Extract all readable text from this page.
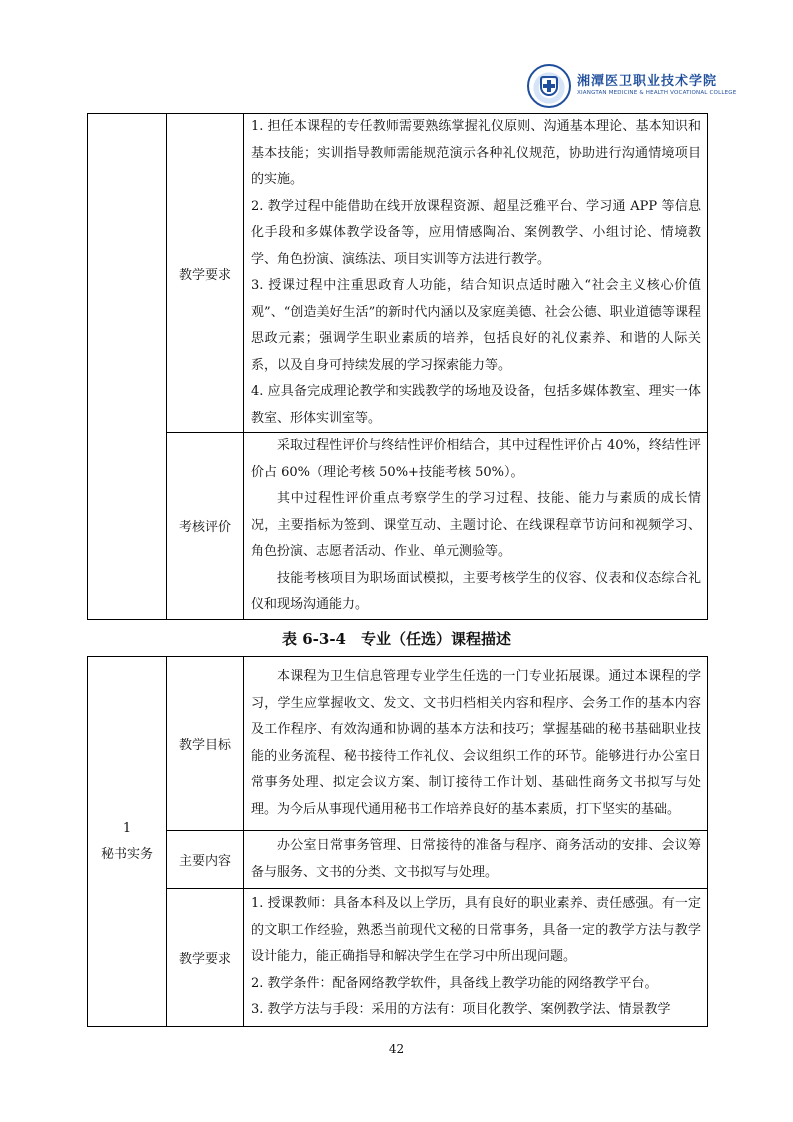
湘潭医卫职业技术学院
XIANGTAN MEDICINE & HEALTH VOCATIONAL COLLEGE
	教学要求	1. 担任本课程的专任教师需要熟练掌握礼仪原则、沟通基本理论、基本知识和基本技能；实训指导教师需能规范演示各种礼仪规范，协助进行沟通情境项目的实施。

2. 教学过程中能借助在线开放课程资源、超星泛雅平台、学习通 APP 等信息化手段和多媒体教学设备等，应用情感陶冶、案例教学、小组讨论、情境教学、角色扮演、演练法、项目实训等方法进行教学。

3. 授课过程中注重思政育人功能，结合知识点适时融入“社会主义核心价值观”、“创造美好生活”的新时代内涵以及家庭美德、社会公德、职业道德等课程思政元素；强调学生职业素质的培养，包括良好的礼仪素养、和谐的人际关系，以及自身可持续发展的学习探索能力等。

4. 应具备完成理论教学和实践教学的场地及设备，包括多媒体教室、理实一体教室、形体实训室等。

	考核评价	采取过程性评价与终结性评价相结合，其中过程性评价占 40%，终结性评价占 60%（理论考核 50%+技能考核 50%）。

其中过程性评价重点考察学生的学习过程、技能、能力与素质的成长情况，主要指标为签到、课堂互动、主题讨论、在线课程章节访问和视频学习、角色扮演、志愿者活动、作业、单元测验等。

技能考核项目为职场面试模拟，主要考核学生的仪容、仪表和仪态综合礼仪和现场沟通能力。

表 6-3-4　专业（任选）课程描述
1
秘书实务	教学目标	本课程为卫生信息管理专业学生任选的一门专业拓展课。通过本课程的学习，学生应掌握收文、发文、文书归档相关内容和程序、会务工作的基本内容及工作程序、有效沟通和协调的基本方法和技巧；掌握基础的秘书基础职业技能的业务流程、秘书接待工作礼仪、会议组织工作的环节。能够进行办公室日常事务处理、拟定会议方案、制订接待工作计划、基础性商务文书拟写与处理。为今后从事现代通用秘书工作培养良好的基本素质，打下坚实的基础。

	主要内容	办公室日常事务管理、日常接待的准备与程序、商务活动的安排、会议筹备与服务、文书的分类、文书拟写与处理。

	教学要求	1. 授课教师：具备本科及以上学历，具有良好的职业素养、责任感强。有一定的文职工作经验，熟悉当前现代文秘的日常事务，具备一定的教学方法与教学设计能力，能正确指导和解决学生在学习中所出现问题。

2. 教学条件：配备网络教学软件，具备线上教学功能的网络教学平台。

3. 教学方法与手段：采用的方法有：项目化教学、案例教学法、情景教学

42
